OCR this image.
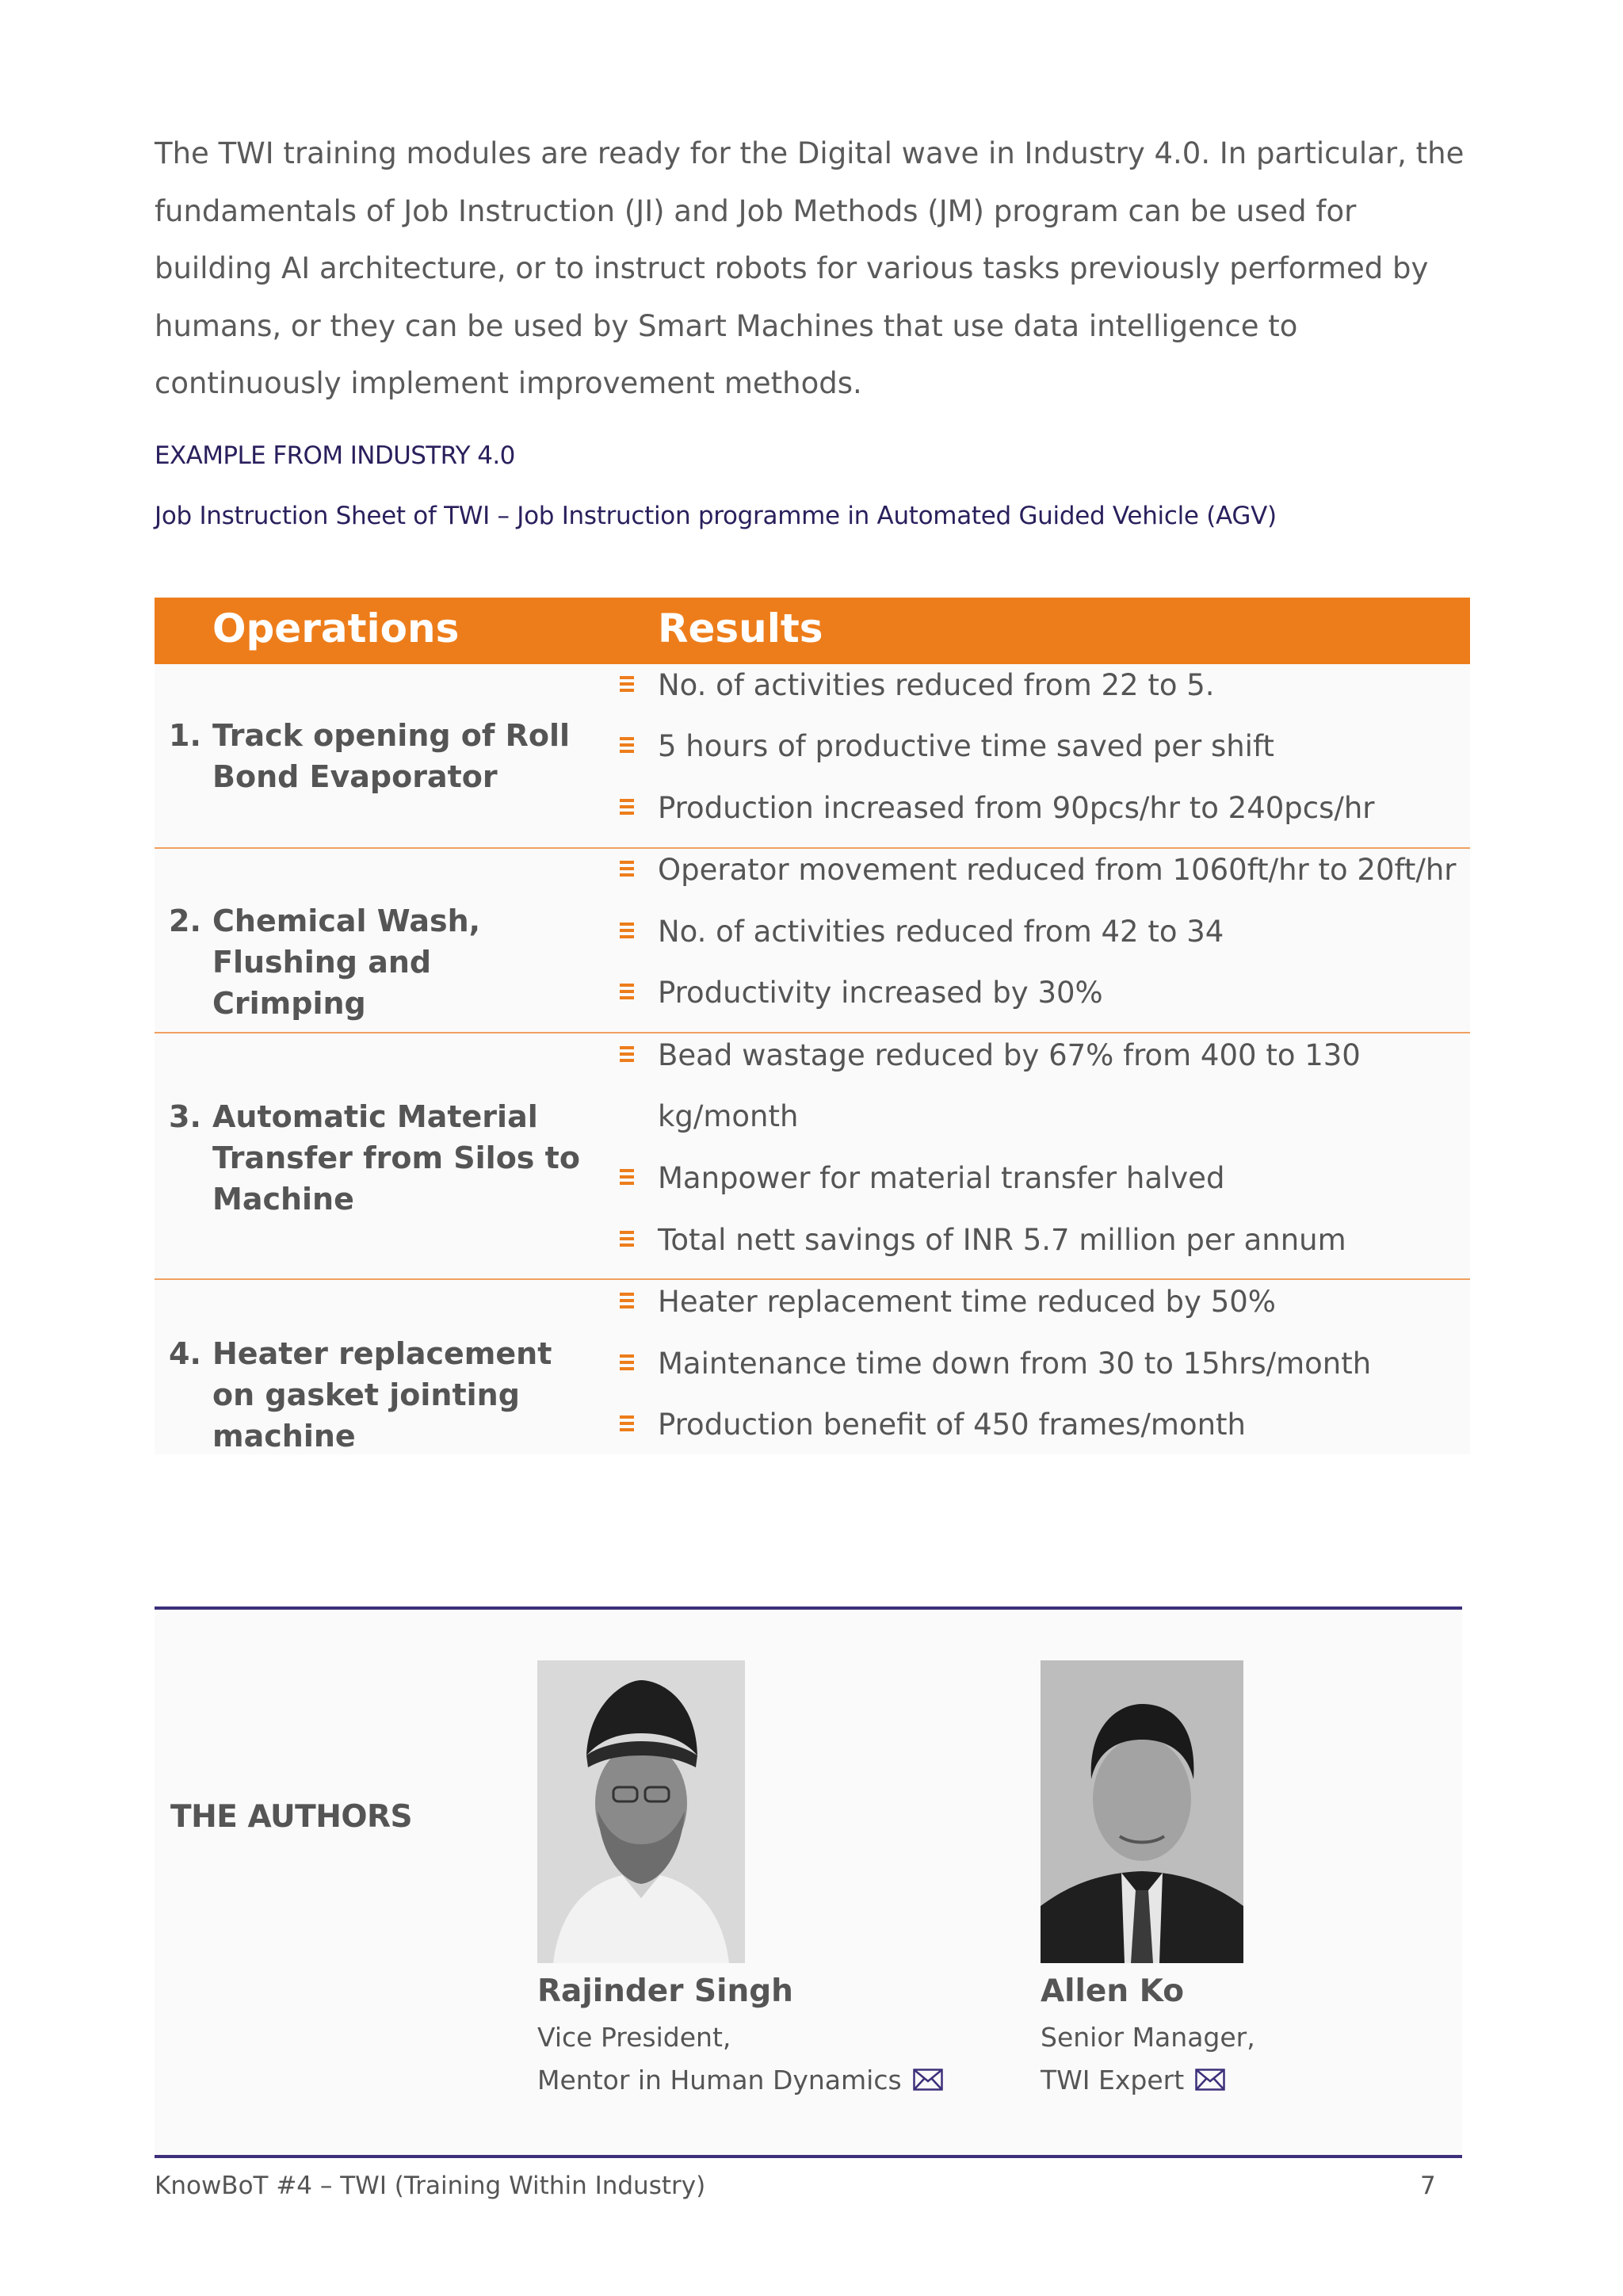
The TWI training modules are ready for the Digital wave in Industry 4.0. In particular, the fundamentals of Job Instruction (JI) and Job Methods (JM) program can be used for building AI architecture, or to instruct robots for various tasks previously performed by humans, or they can be used by Smart Machines that use data intelligence to continuously implement improvement methods.
EXAMPLE FROM INDUSTRY 4.0
Job Instruction Sheet of TWI – Job Instruction programme in Automated Guided Vehicle (AGV)
Operations	Results
1. Track opening of Roll Bond Evaporator
No. of activities reduced from 22 to 5.
5 hours of productive time saved per shift
Production increased from 90pcs/hr to 240pcs/hr
2. Chemical Wash, Flushing and Crimping
Operator movement reduced from 1060ft/hr to 20ft/hr
No. of activities reduced from 42 to 34
Productivity increased by 30%
3. Automatic Material Transfer from Silos to Machine
Bead wastage reduced by 67% from 400 to 130
kg/month
Manpower for material transfer halved
Total nett savings of INR 5.7 million per annum
4. Heater replacement on gasket jointing machine
Heater replacement time reduced by 50%
Maintenance time down from 30 to 15hrs/month
Production benefit of 450 frames/month
THE AUTHORS
Rajinder Singh
Vice President,
Mentor in Human Dynamics
Allen Ko
Senior Manager,
TWI Expert
KnowBoT #4 – TWI (Training Within Industry)	7
